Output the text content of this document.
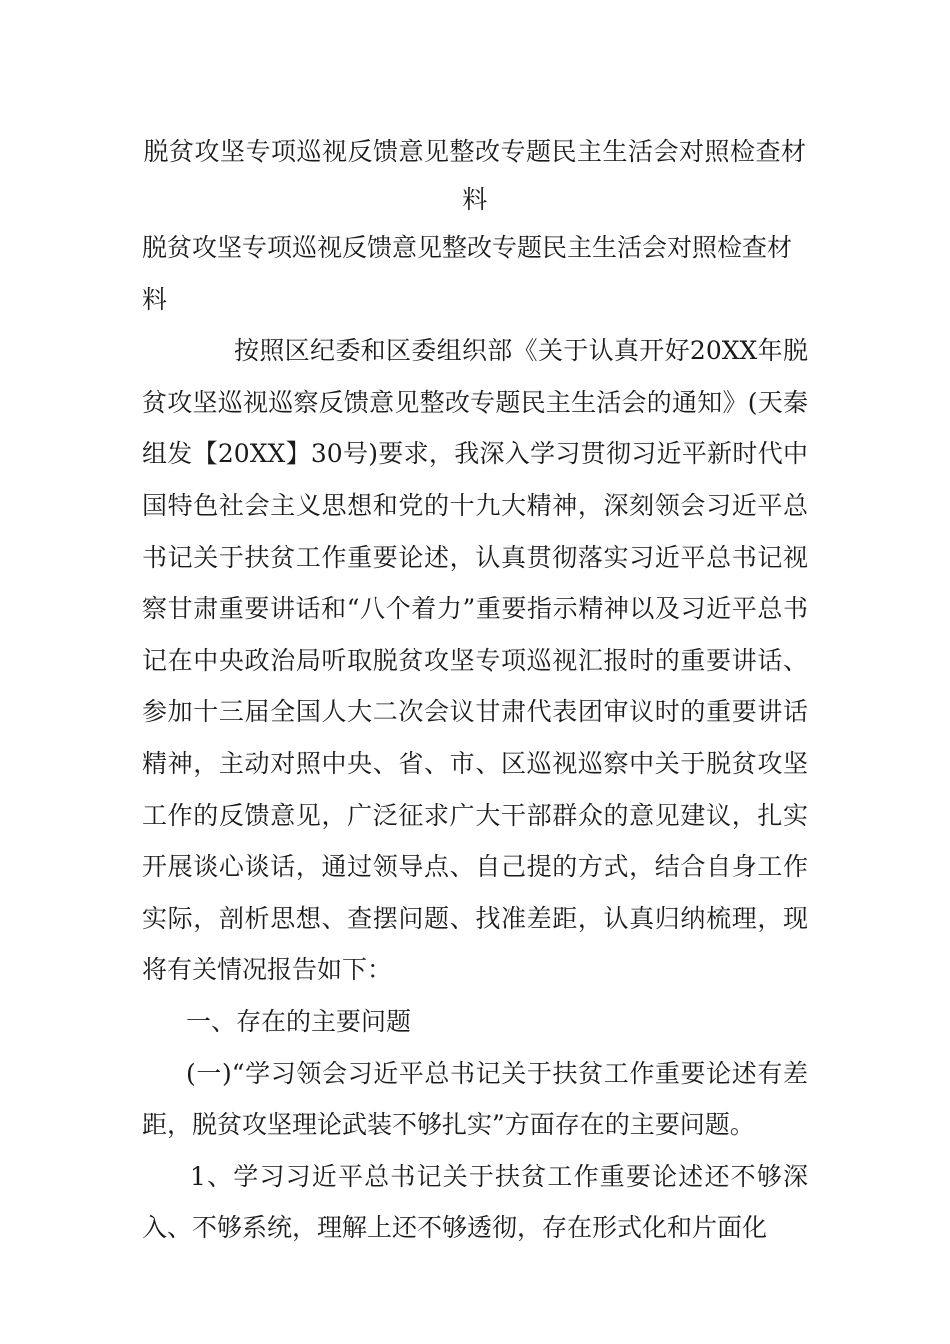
脱贫攻坚专项巡视反馈意见整改专题民主生活会对照检查材料

脱贫攻坚专项巡视反馈意见整改专题民主生活会对照检查材料

按照区纪委和区委组织部《关于认真开好20XX年脱贫攻坚巡视巡察反馈意见整改专题民主生活会的通知》(天秦组发【20XX】30号)要求，我深入学习贯彻习近平新时代中国特色社会主义思想和党的十九大精神，深刻领会习近平总书记关于扶贫工作重要论述，认真贯彻落实习近平总书记视察甘肃重要讲话和“八个着力”重要指示精神以及习近平总书记在中央政治局听取脱贫攻坚专项巡视汇报时的重要讲话、参加十三届全国人大二次会议甘肃代表团审议时的重要讲话精神，主动对照中央、省、市、区巡视巡察中关于脱贫攻坚工作的反馈意见，广泛征求广大干部群众的意见建议，扎实开展谈心谈话，通过领导点、自己提的方式，结合自身工作实际，剖析思想、查摆问题、找准差距，认真归纳梳理，现将有关情况报告如下：

一、存在的主要问题

(一)“学习领会习近平总书记关于扶贫工作重要论述有差距，脱贫攻坚理论武装不够扎实”方面存在的主要问题。

1、学习习近平总书记关于扶贫工作重要论述还不够深入、不够系统，理解上还不够透彻，存在形式化和片面化
